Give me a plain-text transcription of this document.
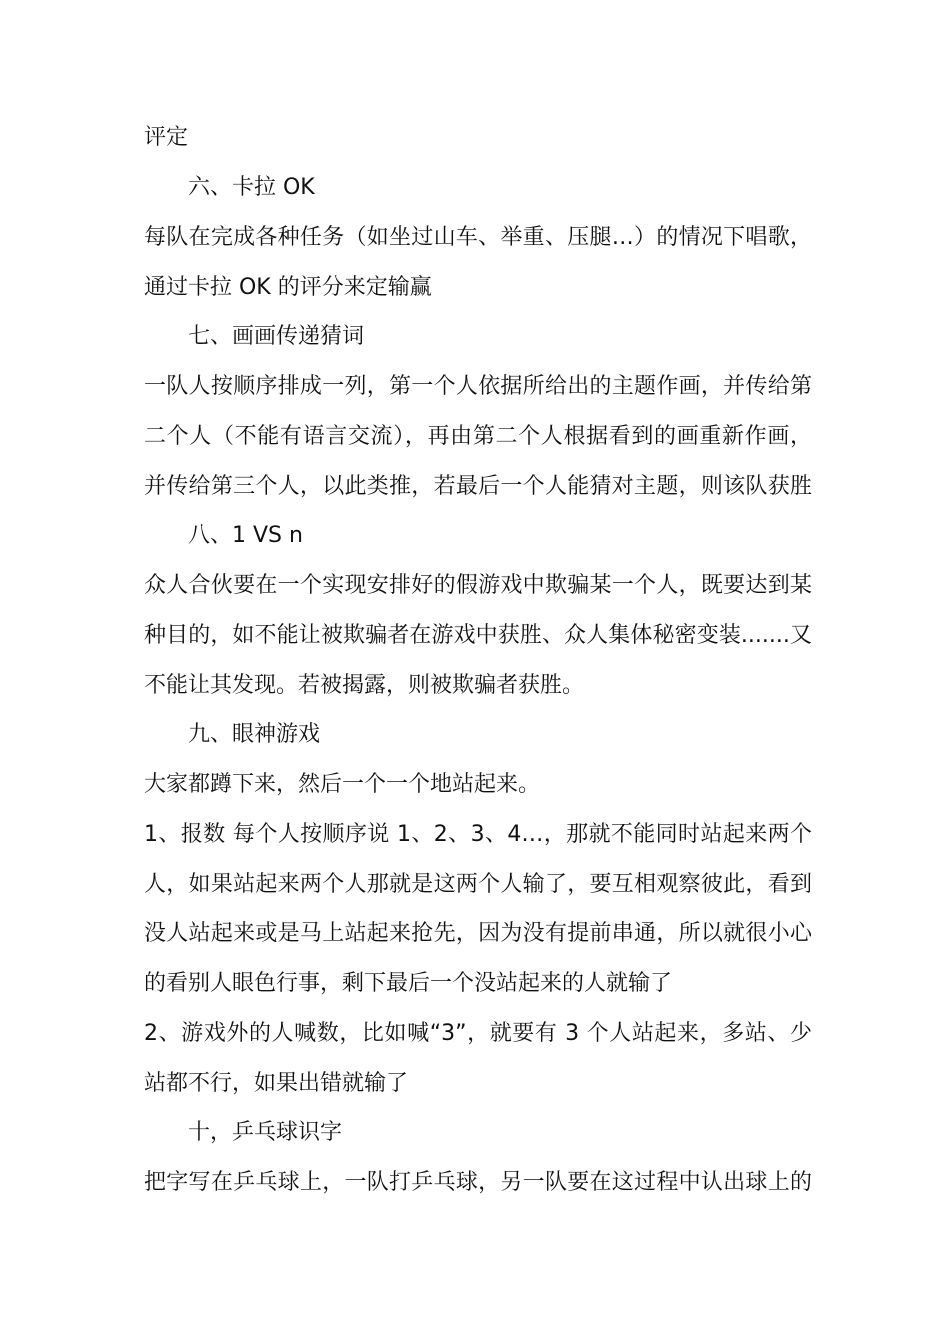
评定
六、卡拉 OK
每队在完成各种任务（如坐过山车、举重、压腿…）的情况下唱歌，
通过卡拉 OK 的评分来定输赢
七、画画传递猜词
一队人按顺序排成一列，第一个人依据所给出的主题作画，并传给第
二个人（不能有语言交流），再由第二个人根据看到的画重新作画，
并传给第三个人，以此类推，若最后一个人能猜对主题，则该队获胜
八、1 VS n
众人合伙要在一个实现安排好的假游戏中欺骗某一个人，既要达到某
种目的，如不能让被欺骗者在游戏中获胜、众人集体秘密变装.......又
不能让其发现。若被揭露，则被欺骗者获胜。
九、眼神游戏
大家都蹲下来，然后一个一个地站起来。
1、报数 每个人按顺序说 1、2、3、4…，那就不能同时站起来两个
人，如果站起来两个人那就是这两个人输了，要互相观察彼此，看到
没人站起来或是马上站起来抢先，因为没有提前串通，所以就很小心
的看别人眼色行事，剩下最后一个没站起来的人就输了
2、游戏外的人喊数，比如喊“3”，就要有 3 个人站起来，多站、少
站都不行，如果出错就输了
十，乒乓球识字
把字写在乒乓球上，一队打乒乓球，另一队要在这过程中认出球上的
